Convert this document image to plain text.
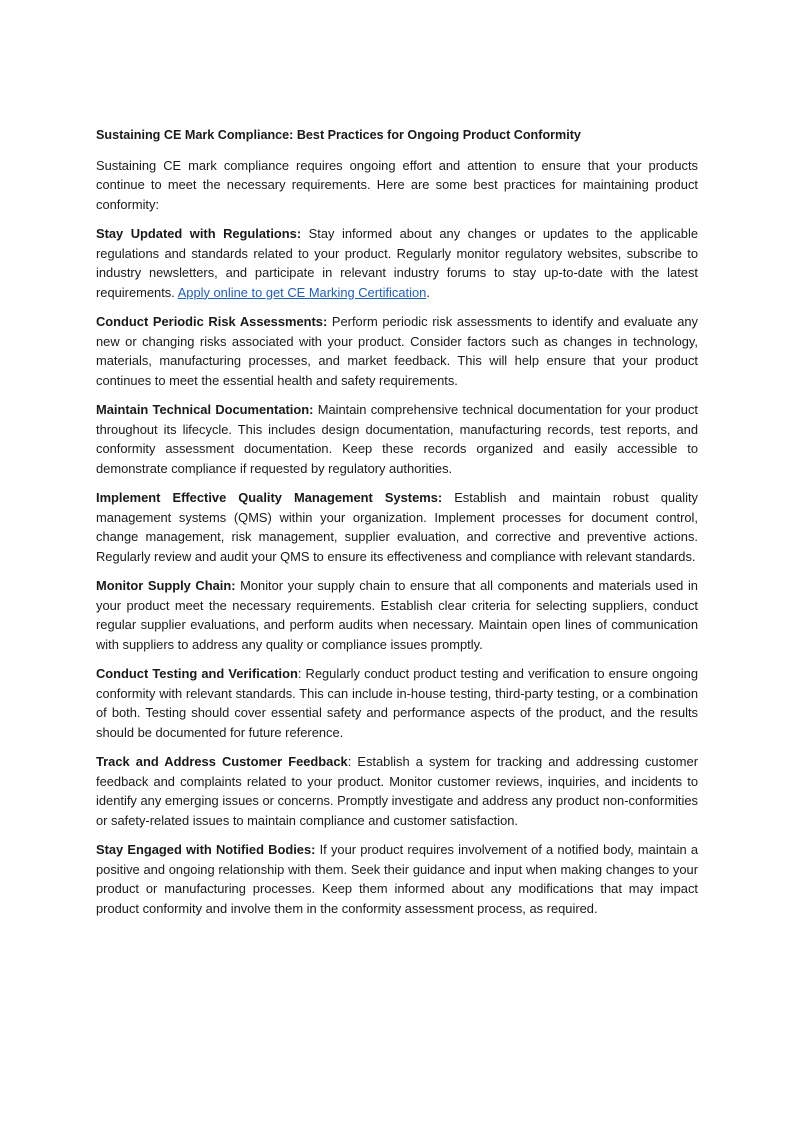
Sustaining CE Mark Compliance: Best Practices for Ongoing Product Conformity

Sustaining CE mark compliance requires ongoing effort and attention to ensure that your products continue to meet the necessary requirements. Here are some best practices for maintaining product conformity:

Stay Updated with Regulations: Stay informed about any changes or updates to the applicable regulations and standards related to your product. Regularly monitor regulatory websites, subscribe to industry newsletters, and participate in relevant industry forums to stay up-to-date with the latest requirements. Apply online to get CE Marking Certification.

Conduct Periodic Risk Assessments: Perform periodic risk assessments to identify and evaluate any new or changing risks associated with your product. Consider factors such as changes in technology, materials, manufacturing processes, and market feedback. This will help ensure that your product continues to meet the essential health and safety requirements.

Maintain Technical Documentation: Maintain comprehensive technical documentation for your product throughout its lifecycle. This includes design documentation, manufacturing records, test reports, and conformity assessment documentation. Keep these records organized and easily accessible to demonstrate compliance if requested by regulatory authorities.

Implement Effective Quality Management Systems: Establish and maintain robust quality management systems (QMS) within your organization. Implement processes for document control, change management, risk management, supplier evaluation, and corrective and preventive actions. Regularly review and audit your QMS to ensure its effectiveness and compliance with relevant standards.

Monitor Supply Chain: Monitor your supply chain to ensure that all components and materials used in your product meet the necessary requirements. Establish clear criteria for selecting suppliers, conduct regular supplier evaluations, and perform audits when necessary. Maintain open lines of communication with suppliers to address any quality or compliance issues promptly.

Conduct Testing and Verification: Regularly conduct product testing and verification to ensure ongoing conformity with relevant standards. This can include in-house testing, third-party testing, or a combination of both. Testing should cover essential safety and performance aspects of the product, and the results should be documented for future reference.

Track and Address Customer Feedback: Establish a system for tracking and addressing customer feedback and complaints related to your product. Monitor customer reviews, inquiries, and incidents to identify any emerging issues or concerns. Promptly investigate and address any product non-conformities or safety-related issues to maintain compliance and customer satisfaction.

Stay Engaged with Notified Bodies: If your product requires involvement of a notified body, maintain a positive and ongoing relationship with them. Seek their guidance and input when making changes to your product or manufacturing processes. Keep them informed about any modifications that may impact product conformity and involve them in the conformity assessment process, as required.
